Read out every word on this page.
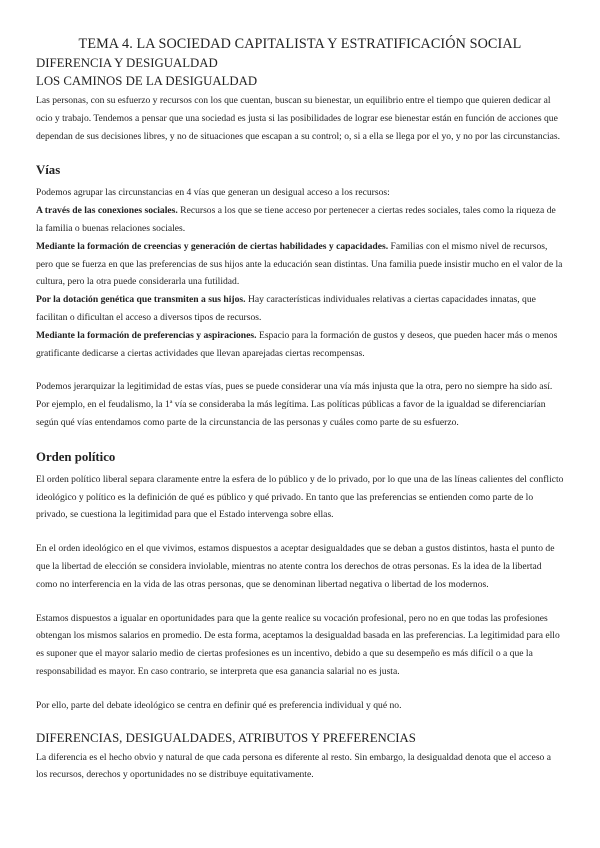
TEMA 4. LA SOCIEDAD CAPITALISTA Y ESTRATIFICACIÓN SOCIAL
DIFERENCIA Y DESIGUALDAD
LOS CAMINOS DE LA DESIGUALDAD

Las personas, con su esfuerzo y recursos con los que cuentan, buscan su bienestar, un equilibrio entre el tiempo que quieren dedicar al ocio y trabajo. Tendemos a pensar que una sociedad es justa si las posibilidades de lograr ese bienestar están en función de acciones que dependan de sus decisiones libres, y no de situaciones que escapan a su control; o, si a ella se llega por el yo, y no por las circunstancias.

Vías

Podemos agrupar las circunstancias en 4 vías que generan un desigual acceso a los recursos:

A través de las conexiones sociales. Recursos a los que se tiene acceso por pertenecer a ciertas redes sociales, tales como la riqueza de la familia o buenas relaciones sociales.

Mediante la formación de creencias y generación de ciertas habilidades y capacidades. Familias con el mismo nivel de recursos, pero que se fuerza en que las preferencias de sus hijos ante la educación sean distintas. Una familia puede insistir mucho en el valor de la cultura, pero la otra puede considerarla una futilidad.

Por la dotación genética que transmiten a sus hijos. Hay características individuales relativas a ciertas capacidades innatas, que facilitan o dificultan el acceso a diversos tipos de recursos.

Mediante la formación de preferencias y aspiraciones. Espacio para la formación de gustos y deseos, que pueden hacer más o menos gratificante dedicarse a ciertas actividades que llevan aparejadas ciertas recompensas.

Podemos jerarquizar la legitimidad de estas vías, pues se puede considerar una vía más injusta que la otra, pero no siempre ha sido así. Por ejemplo, en el feudalismo, la 1ª vía se consideraba la más legítima. Las políticas públicas a favor de la igualdad se diferenciarían según qué vías entendamos como parte de la circunstancia de las personas y cuáles como parte de su esfuerzo.

Orden político

El orden político liberal separa claramente entre la esfera de lo público y de lo privado, por lo que una de las líneas calientes del conflicto ideológico y político es la definición de qué es público y qué privado. En tanto que las preferencias se entienden como parte de lo privado, se cuestiona la legitimidad para que el Estado intervenga sobre ellas.

En el orden ideológico en el que vivimos, estamos dispuestos a aceptar desigualdades que se deban a gustos distintos, hasta el punto de que la libertad de elección se considera inviolable, mientras no atente contra los derechos de otras personas. Es la idea de la libertad como no interferencia en la vida de las otras personas, que se denominan libertad negativa o libertad de los modernos.

Estamos dispuestos a igualar en oportunidades para que la gente realice su vocación profesional, pero no en que todas las profesiones obtengan los mismos salarios en promedio. De esta forma, aceptamos la desigualdad basada en las preferencias. La legitimidad para ello es suponer que el mayor salario medio de ciertas profesiones es un incentivo, debido a que su desempeño es más difícil o a que la responsabilidad es mayor. En caso contrario, se interpreta que esa ganancia salarial no es justa.

Por ello, parte del debate ideológico se centra en definir qué es preferencia individual y qué no.

DIFERENCIAS, DESIGUALDADES, ATRIBUTOS Y PREFERENCIAS

La diferencia es el hecho obvio y natural de que cada persona es diferente al resto. Sin embargo, la desigualdad denota que el acceso a los recursos, derechos y oportunidades no se distribuye equitativamente.
